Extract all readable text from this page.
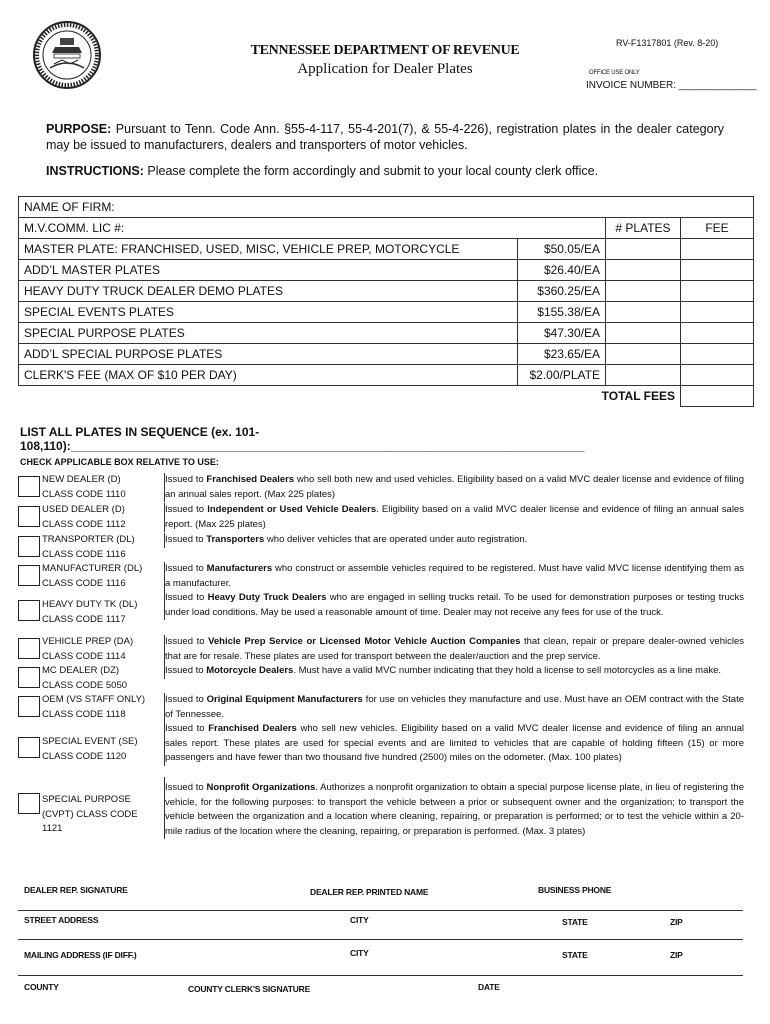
TENNESSEE DEPARTMENT OF REVENUE
Application for Dealer Plates
RV-F1317801 (Rev. 8-20)
OFFICE USE ONLY
INVOICE NUMBER: ______________
PURPOSE: Pursuant to Tenn. Code Ann. §55-4-117, 55-4-201(7), & 55-4-226), registration plates in the dealer category may be issued to manufacturers, dealers and transporters of motor vehicles.
INSTRUCTIONS: Please complete the form accordingly and submit to your local county clerk office.
NAME OF FIRM:			
M.V.COMM. LIC #:		# PLATES	FEE
MASTER PLATE: FRANCHISED, USED, MISC, VEHICLE PREP, MOTORCYCLE	$50.05/EA		
ADD’L MASTER PLATES	$26.40/EA		
HEAVY DUTY TRUCK DEALER DEMO PLATES	$360.25/EA		
SPECIAL EVENTS PLATES	$155.38/EA		
SPECIAL PURPOSE PLATES	$47.30/EA		
ADD’L SPECIAL PURPOSE PLATES	$23.65/EA		
CLERK'S FEE (MAX OF $10 PER DAY)	$2.00/PLATE		
	TOTAL FEES		
LIST ALL PLATES IN SEQUENCE (ex. 101-108,110):_____________________________________________________________________________
CHECK APPLICABLE BOX RELATIVE TO USE:
NEW DEALER (D)
CLASS CODE 1110
Issued to Franchised Dealers who sell both new and used vehicles. Eligibility based on a valid MVC dealer license and evidence of filing an annual sales report. (Max 225 plates)
USED DEALER (D)
CLASS CODE 1112
Issued to Independent or Used Vehicle Dealers. Eligibility based on a valid MVC dealer license and evidence of filing an annual sales report. (Max 225 plates)
TRANSPORTER (DL)
CLASS CODE 1116
Issued to Transporters who deliver vehicles that are operated under auto registration.
MANUFACTURER (DL)
CLASS CODE 1116
Issued to Manufacturers who construct or assemble vehicles required to be registered. Must have valid MVC license identifying them as a manufacturer.
HEAVY DUTY TK (DL)
CLASS CODE 1117
Issued to Heavy Duty Truck Dealers who are engaged in selling trucks retail. To be used for demonstration purposes or testing trucks under load conditions. May be used a reasonable amount of time. Dealer may not receive any fees for use of the truck.
VEHICLE PREP (DA)
CLASS CODE 1114
Issued to Vehicle Prep Service or Licensed Motor Vehicle Auction Companies that clean, repair or prepare dealer-owned vehicles that are for resale. These plates are used for transport between the dealer/auction and the prep service.
MC DEALER (DZ)
CLASS CODE 5050
Issued to Motorcycle Dealers. Must have a valid MVC number indicating that they hold a license to sell motorcycles as a line make.
OEM (VS STAFF ONLY)
CLASS CODE 1118
Issued to Original Equipment Manufacturers for use on vehicles they manufacture and use. Must have an OEM contract with the State of Tennessee.
SPECIAL EVENT (SE)
CLASS CODE 1120
Issued to Franchised Dealers who sell new vehicles. Eligibility based on a valid MVC dealer license and evidence of filing an annual sales report. These plates are used for special events and are limited to vehicles that are capable of holding fifteen (15) or more passengers and have fewer than two thousand five hundred (2500) miles on the odometer. (Max. 100 plates)
SPECIAL PURPOSE
(CVPT) CLASS CODE
1121
Issued to Nonprofit Organizations. Authorizes a nonprofit organization to obtain a special purpose license plate, in lieu of registering the vehicle, for the following purposes: to transport the vehicle between a prior or subsequent owner and the organization; to transport the vehicle between the organization and a location where cleaning, repairing, or preparation is performed; or to test the vehicle within a 20-mile radius of the location where the cleaning, repairing, or preparation is performed. (Max. 3 plates)
DEALER REP. SIGNATURE	DEALER REP. PRINTED NAME	BUSINESS PHONE
STREET ADDRESS	CITY	STATE	ZIP
MAILING ADDRESS (IF DIFF.)	CITY	STATE	ZIP
COUNTY	COUNTY CLERK'S SIGNATURE	DATE
